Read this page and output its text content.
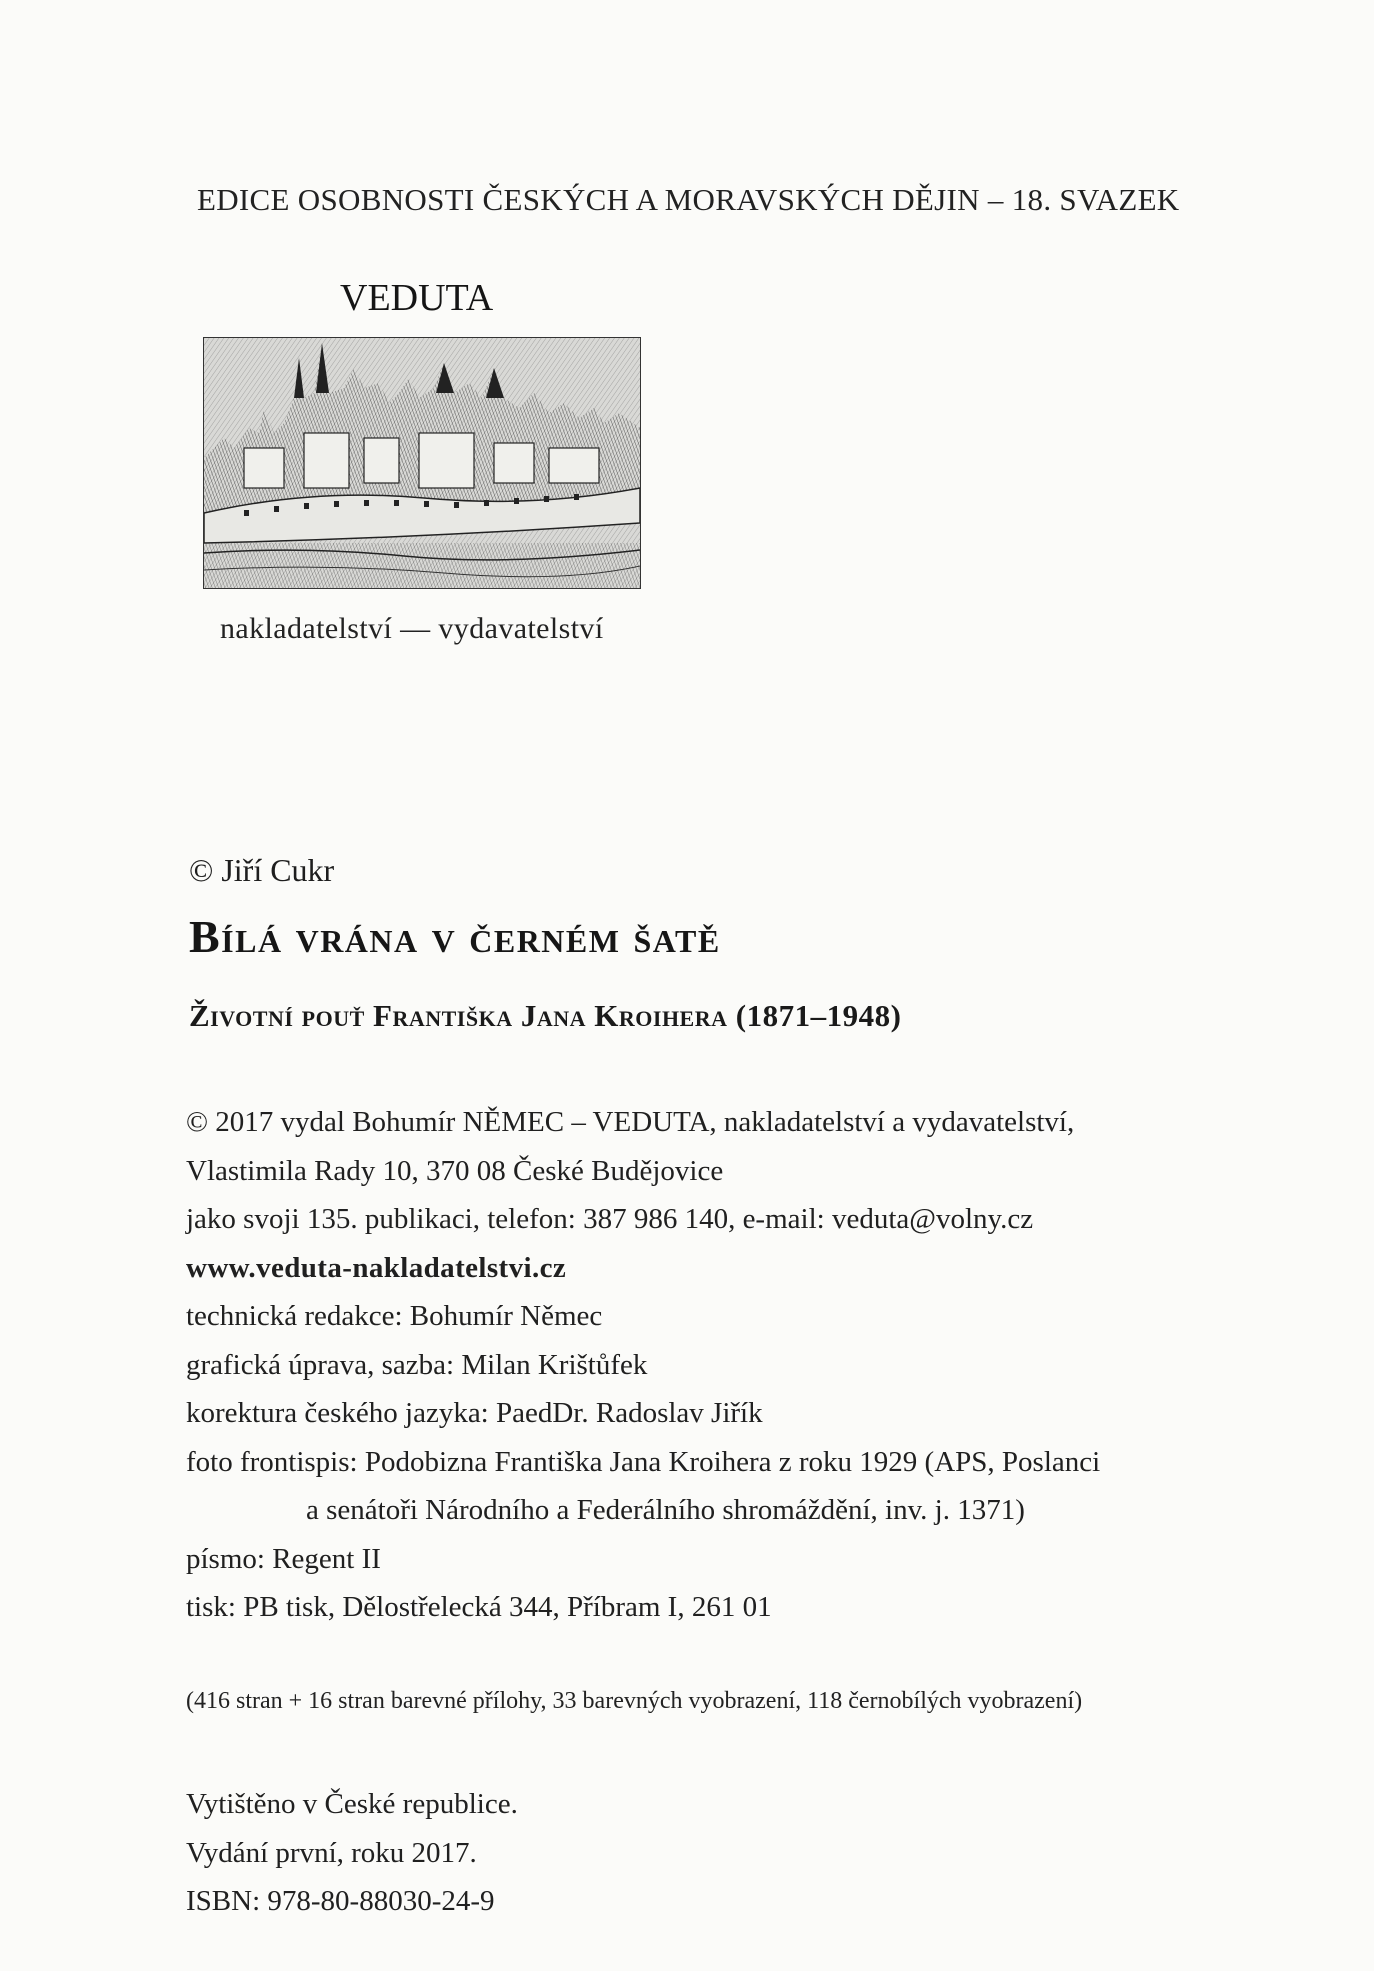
EDICE OSOBNOSTI ČESKÝCH A MORAVSKÝCH DĚJIN – 18. SVAZEK
VEDUTA
nakladatelství — vydavatelství
© Jiří Cukr
Bílá vrána v černém šatě
Životní pouť Františka Jana Kroihera (1871–1948)
© 2017 vydal Bohumír NĚMEC – VEDUTA, nakladatelství a vydavatelství,
Vlastimila Rady 10, 370 08 České Budějovice
jako svoji 135. publikaci, telefon: 387 986 140, e-mail: veduta@volny.cz
www.veduta-nakladatelstvi.cz
technická redakce: Bohumír Němec
grafická úprava, sazba: Milan Krištůfek
korektura českého jazyka: PaedDr. Radoslav Jiřík
foto frontispis: Podobizna Františka Jana Kroihera z roku 1929 (APS, Poslanci
a senátoři Národního a Federálního shromáždění, inv. j. 1371)
písmo: Regent II
tisk: PB tisk, Dělostřelecká 344, Příbram I, 261 01
(416 stran + 16 stran barevné přílohy, 33 barevných vyobrazení, 118 černobílých vyobrazení)
Vytištěno v České republice.
Vydání první, roku 2017.
ISBN: 978-80-88030-24-9
